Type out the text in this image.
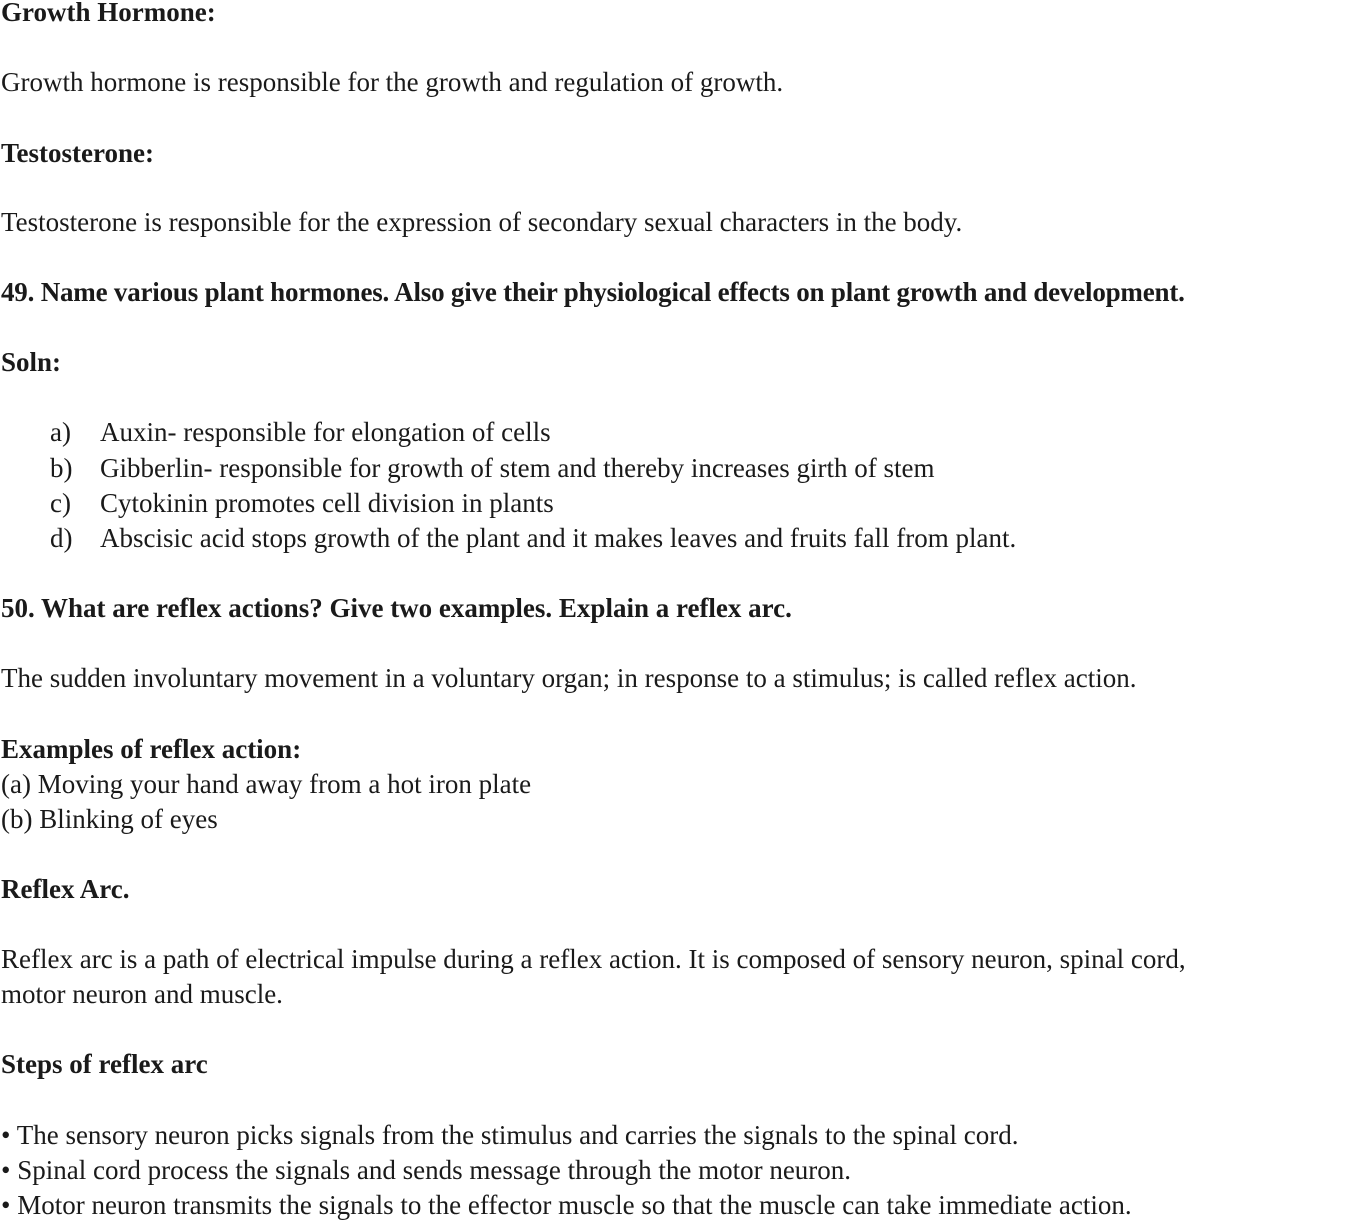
Growth Hormone:
Growth hormone is responsible for the growth and regulation of growth.
Testosterone:
Testosterone is responsible for the expression of secondary sexual characters in the body.
49. Name various plant hormones. Also give their physiological effects on plant growth and development.
Soln:
a) Auxin- responsible for elongation of cells
b) Gibberlin- responsible for growth of stem and thereby increases girth of stem
c) Cytokinin promotes cell division in plants
d) Abscisic acid stops growth of the plant and it makes leaves and fruits fall from plant.
50. What are reflex actions? Give two examples. Explain a reflex arc.
The sudden involuntary movement in a voluntary organ; in response to a stimulus; is called reflex action.
Examples of reflex action:
(a) Moving your hand away from a hot iron plate
(b) Blinking of eyes
Reflex Arc.
Reflex arc is a path of electrical impulse during a reflex action. It is composed of sensory neuron, spinal cord,
motor neuron and muscle.
Steps of reflex arc
• The sensory neuron picks signals from the stimulus and carries the signals to the spinal cord.
• Spinal cord process the signals and sends message through the motor neuron.
• Motor neuron transmits the signals to the effector muscle so that the muscle can take immediate action.
